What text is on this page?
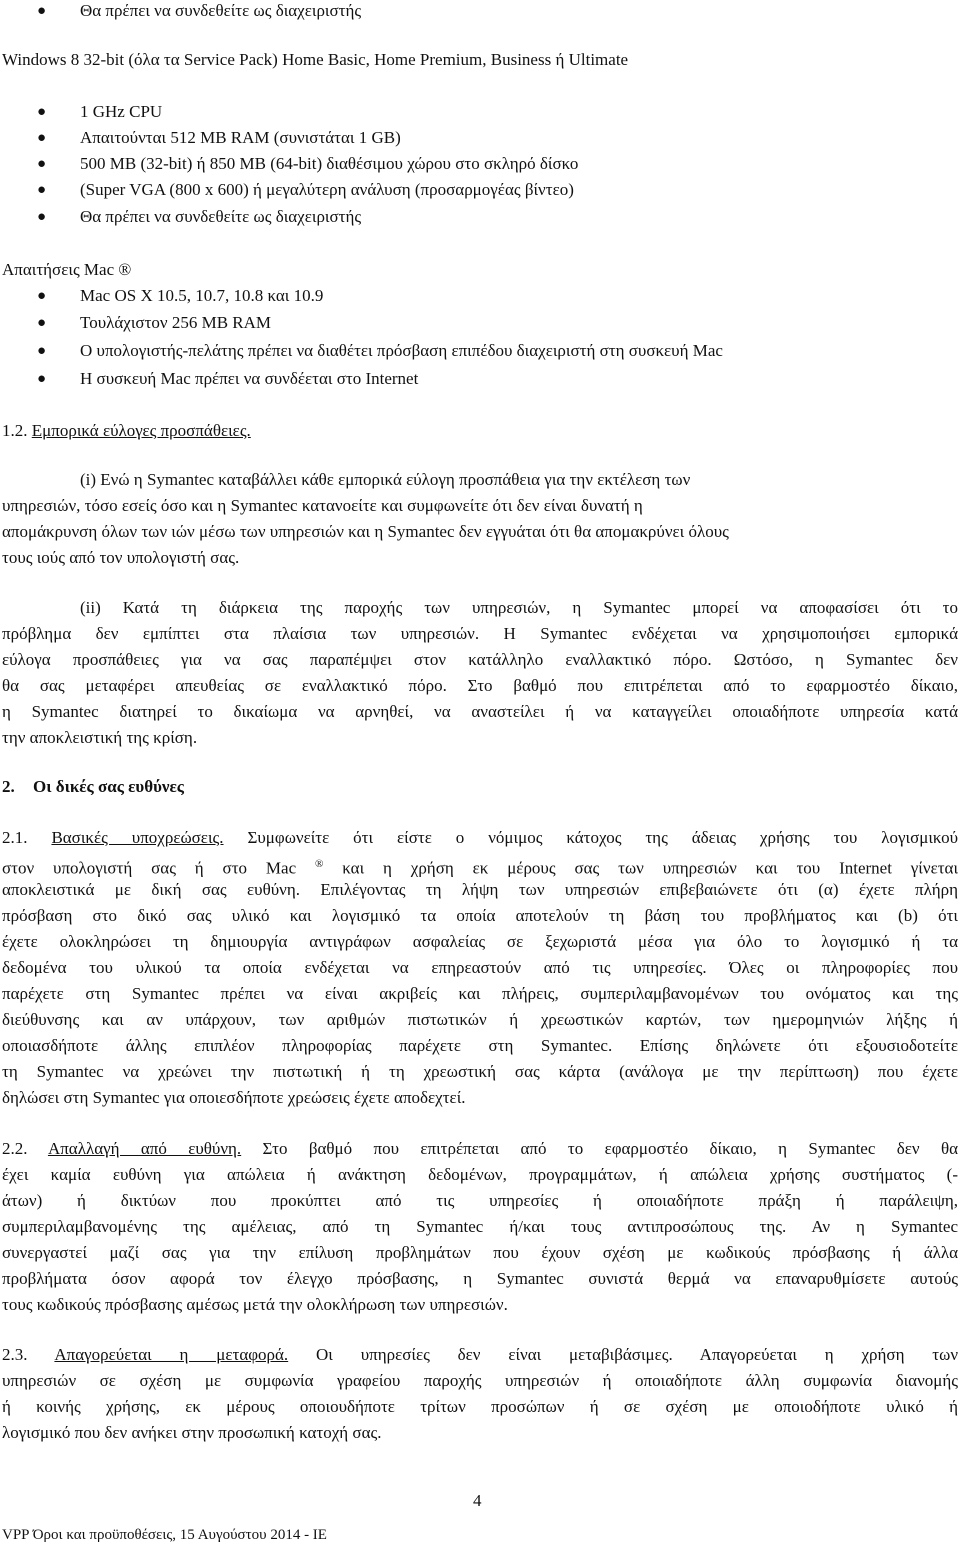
● Θα πρέπει να συνδεθείτε ως διαχειριστής
Windows 8 32-bit (όλα τα Service Pack) Home Basic, Home Premium, Business ή Ultimate
● 1 GHz CPU
● Απαιτούνται 512 MB RAM (συνιστάται 1 GB)
● 500 MB (32-bit) ή 850 MB (64-bit) διαθέσιμου χώρου στο σκληρό δίσκο
● (Super VGA (800 x 600) ή μεγαλύτερη ανάλυση (προσαρμογέας βίντεο)
● Θα πρέπει να συνδεθείτε ως διαχειριστής
Απαιτήσεις Mac ®
● Mac OS X 10.5, 10.7, 10.8 και 10.9
● Τουλάχιστον 256 MB RAM
● Ο υπολογιστής-πελάτης πρέπει να διαθέτει πρόσβαση επιπέδου διαχειριστή στη συσκευή Mac
● Η συσκευή Mac πρέπει να συνδέεται στο Internet
1.2. Εμπορικά εύλογες προσπάθειες.
(i) Ενώ η Symantec καταβάλλει κάθε εμπορικά εύλογη προσπάθεια για την εκτέλεση των
υπηρεσιών, τόσο εσείς όσο και η Symantec κατανοείτε και συμφωνείτε ότι δεν είναι δυνατή η
απομάκρυνση όλων των ιών μέσω των υπηρεσιών και η Symantec δεν εγγυάται ότι θα απομακρύνει όλους
τους ιούς από τον υπολογιστή σας.
(ii) Κατά τη διάρκεια της παροχής των υπηρεσιών, η Symantec μπορεί να αποφασίσει ότι το
πρόβλημα δεν εμπίπτει στα πλαίσια των υπηρεσιών. Η Symantec ενδέχεται να χρησιμοποιήσει εμπορικά
εύλογα προσπάθειες για να σας παραπέμψει στον κατάλληλο εναλλακτικό πόρο. Ωστόσο, η Symantec δεν
θα σας μεταφέρει απευθείας σε εναλλακτικό πόρο. Στο βαθμό που επιτρέπεται από το εφαρμοστέο δίκαιο,
η Symantec διατηρεί το δικαίωμα να αρνηθεί, να αναστείλει ή να καταγγείλει οποιαδήποτε υπηρεσία κατά
την αποκλειστική της κρίση.
2. Οι δικές σας ευθύνες
2.1. Βασικές υποχρεώσεις. Συμφωνείτε ότι είστε ο νόμιμος κάτοχος της άδειας χρήσης του λογισμικού
στον υπολογιστή σας ή στο Mac ® και η χρήση εκ μέρους σας των υπηρεσιών και του Internet γίνεται
αποκλειστικά με δική σας ευθύνη. Επιλέγοντας τη λήψη των υπηρεσιών επιβεβαιώνετε ότι (α) έχετε πλήρη
πρόσβαση στο δικό σας υλικό και λογισμικό τα οποία αποτελούν τη βάση του προβλήματος και (b) ότι
έχετε ολοκληρώσει τη δημιουργία αντιγράφων ασφαλείας σε ξεχωριστά μέσα για όλο το λογισμικό ή τα
δεδομένα του υλικού τα οποία ενδέχεται να επηρεαστούν από τις υπηρεσίες. Όλες οι πληροφορίες που
παρέχετε στη Symantec πρέπει να είναι ακριβείς και πλήρεις, συμπεριλαμβανομένων του ονόματος και της
διεύθυνσης και αν υπάρχουν, των αριθμών πιστωτικών ή χρεωστικών καρτών, των ημερομηνιών λήξης ή
οποιασδήποτε άλλης επιπλέον πληροφορίας παρέχετε στη Symantec. Επίσης δηλώνετε ότι εξουσιοδοτείτε
τη Symantec να χρεώνει την πιστωτική ή τη χρεωστική σας κάρτα (ανάλογα με την περίπτωση) που έχετε
δηλώσει στη Symantec για οποιεσδήποτε χρεώσεις έχετε αποδεχτεί.
2.2. Απαλλαγή από ευθύνη. Στο βαθμό που επιτρέπεται από το εφαρμοστέο δίκαιο, η Symantec δεν θα
έχει καμία ευθύνη για απώλεια ή ανάκτηση δεδομένων, προγραμμάτων, ή απώλεια χρήσης συστήματος (-
άτων) ή δικτύων που προκύπτει από τις υπηρεσίες ή οποιαδήποτε πράξη ή παράλειψη,
συμπεριλαμβανομένης της αμέλειας, από τη Symantec ή/και τους αντιπροσώπους της. Αν η Symantec
συνεργαστεί μαζί σας για την επίλυση προβλημάτων που έχουν σχέση με κωδικούς πρόσβασης ή άλλα
προβλήματα όσον αφορά τον έλεγχο πρόσβασης, η Symantec συνιστά θερμά να επαναρυθμίσετε αυτούς
τους κωδικούς πρόσβασης αμέσως μετά την ολοκλήρωση των υπηρεσιών.
2.3. Απαγορεύεται η μεταφορά. Οι υπηρεσίες δεν είναι μεταβιβάσιμες. Απαγορεύεται η χρήση των
υπηρεσιών σε σχέση με συμφωνία γραφείου παροχής υπηρεσιών ή οποιαδήποτε άλλη συμφωνία διανομής
ή κοινής χρήσης, εκ μέρους οποιουδήποτε τρίτων προσώπων ή σε σχέση με οποιοδήποτε υλικό ή
λογισμικό που δεν ανήκει στην προσωπική κατοχή σας.
4
VPP Όροι και προϋποθέσεις, 15 Αυγούστου 2014 - IE
